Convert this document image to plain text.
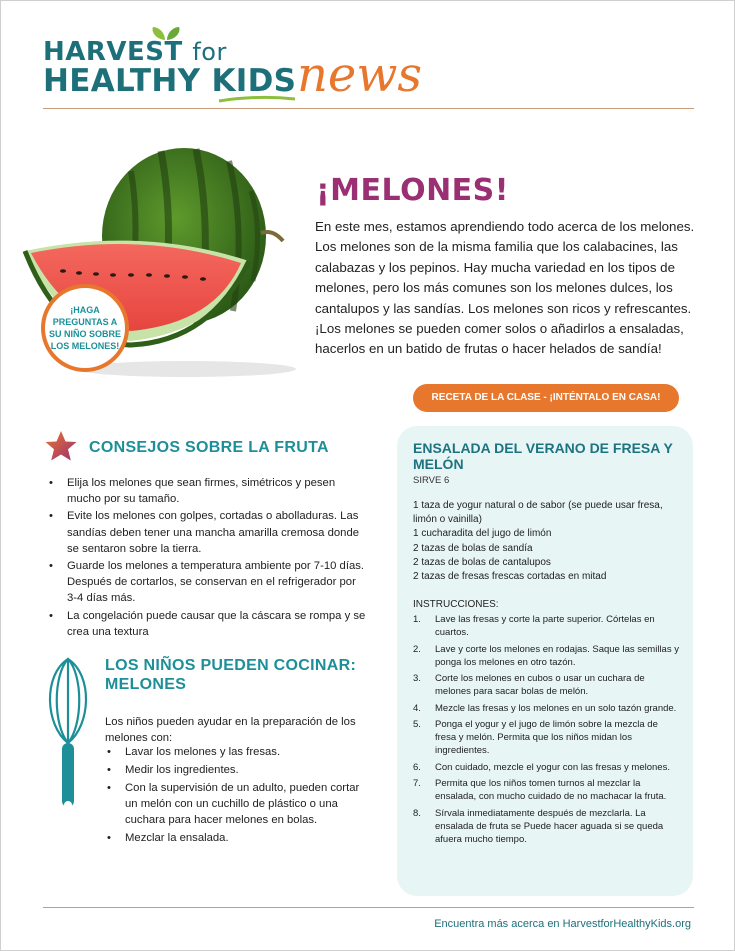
HARVEST for
HEALTHY KIDS news
¡HAGA PREGUNTAS A SU NIÑO SOBRE LOS MELONES!
¡MELONES!
En este mes, estamos aprendiendo todo acerca de los melones. Los melones son de la misma familia que los calabacines, las calabazas y los pepinos. Hay mucha variedad en los tipos de melones, pero los más comunes son los melones dulces, los cantalupos y las sandías. Los melones son ricos y refrescantes. ¡Los melones se pueden comer solos o añadirlos a ensaladas, hacerlos en un batido de frutas o hacer helados de sandía!
RECETA DE LA CLASE - ¡INTÉNTALO EN CASA!
ENSALADA DEL VERANO DE FRESA Y MELÓN
SIRVE 6
1 taza de yogur natural o de sabor (se puede usar fresa, limón o vainilla)
1 cucharadita del jugo de limón
2 tazas de bolas de sandía
2 tazas de bolas de cantalupos
2 tazas de fresas frescas cortadas en mitad
INSTRUCCIONES:
1. Lave las fresas y corte la parte superior. Córtelas en cuartos.
2. Lave y corte los melones en rodajas. Saque las semillas y ponga los melones en otro tazón.
3. Corte los melones en cubos o usar un cuchara de melones para sacar bolas de melón.
4. Mezcle las fresas y los melones en un solo tazón grande.
5. Ponga el yogur y el jugo de limón sobre la mezcla de fresa y melón. Permita que los niños midan los ingredientes.
6. Con cuidado, mezcle el yogur con las fresas y melones.
7. Permita que los niños tomen turnos al mezclar la ensalada, con mucho cuidado de no machacar la fruta.
8. Sírvala inmediatamente después de mezclarla. La ensalada de fruta se Puede hacer aguada si se queda afuera mucho tiempo.
CONSEJOS SOBRE LA FRUTA
• Elija los melones que sean firmes, simétricos y pesen mucho por su tamaño.
• Evite los melones con golpes, cortadas o abolladuras. Las sandías deben tener una mancha amarilla cremosa donde se sentaron sobre la tierra.
• Guarde los melones a temperatura ambiente por 7-10 días. Después de cortarlos, se conservan en el refrigerador por 3-4 días más.
• La congelación puede causar que la cáscara se rompa y se crea una textura
LOS NIÑOS PUEDEN COCINAR: MELONES
Los niños pueden ayudar en la preparación de los melones con:
• Lavar los melones y las fresas.
• Medir los ingredientes.
• Con la supervisión de un adulto, pueden cortar un melón con un cuchillo de plástico o una cuchara para hacer melones en bolas.
• Mezclar la ensalada.
Encuentra más acerca en HarvestforHealthyKids.org
